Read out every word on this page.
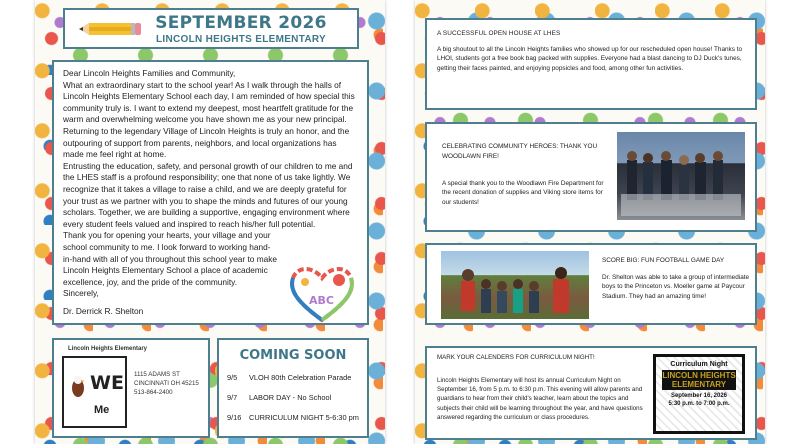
SEPTEMBER 2026
LINCOLN HEIGHTS ELEMENTARY

Dear Lincoln Heights Families and Community,

What an extraordinary start to the school year! As I walk through the halls of Lincoln Heights Elementary School each day, I am reminded of how special this community truly is. I want to extend my deepest, most heartfelt gratitude for the warm and overwhelming welcome you have shown me as your new principal. Returning to the legendary Village of Lincoln Heights is truly an honor, and the outpouring of support from parents, neighbors, and local organizations has made me feel right at home.

Entrusting the education, safety, and personal growth of our children to me and the LHES staff is a profound responsibility; one that none of us take lightly. We recognize that it takes a village to raise a child, and we are deeply grateful for your trust as we partner with you to shape the minds and futures of our young scholars. Together, we are building a supportive, engaging environment where every student feels valued and inspired to reach his/her full potential.

Thank you for opening your hearts, your village and your school community to me. I look forward to working hand-in-hand with all of you throughout this school year to make Lincoln Heights Elementary School a place of academic excellence, joy, and the pride of the community.

Sincerely,

Dr. Derrick R. Shelton
ABC
Lincoln Heights Elementary
WE
Me
1115 ADAMS ST
CINCINNATI OH 45215
513-864-2400
COMING SOON
9/5 VLOH 80th Celebration Parade
9/7 LABOR DAY - No School
9/16 CURRICULUM NIGHT 5-6:30 pm
A SUCCESSFUL OPEN HOUSE AT LHES
A big shoutout to all the Lincoln Heights families who showed up for our rescheduled open house! Thanks to LHOI, students got a free book bag packed with supplies. Everyone had a blast dancing to DJ Duck's tunes, getting their faces painted, and enjoying popsicles and food, among other fun activities.
CELEBRATING COMMUNITY HEROES: THANK YOU WOODLAWN FIRE!
A special thank you to the Woodlawn Fire Department for the recent donation of supplies and Viking store items for our students!
SCORE BIG: FUN FOOTBALL GAME DAY
Dr. Shelton was able to take a group of intermediate boys to the Princeton vs. Moeller game at Paycour Stadium. They had an amazing time!
MARK YOUR CALENDERS FOR CURRICULUM NIGHT!
Lincoln Heights Elementary will host its annual Curriculum Night on September 16, from 5 p.m. to 6:30 p.m. This evening will allow parents and guardians to hear from their child's teacher, learn about the topics and subjects their child will be learning throughout the year, and have questions answered regarding the curriculum or class procedures.
Curriculum Night
LINCOLN HEIGHTS ELEMENTARY
September 16, 2026
5:30 p.m. to 7:00 p.m.
